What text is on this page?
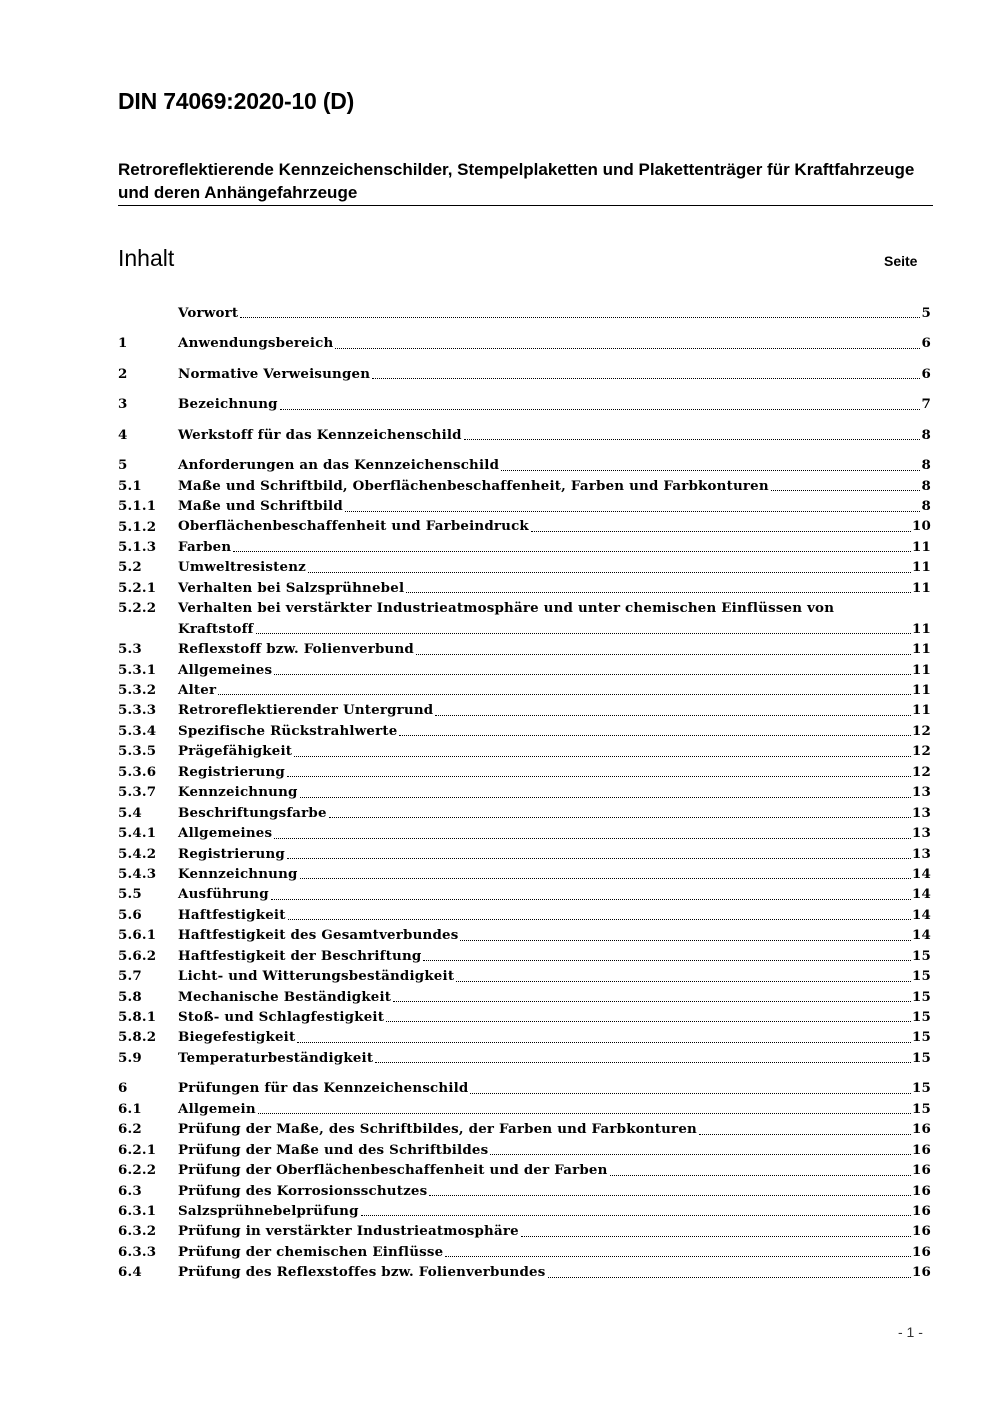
DIN 74069:2020-10 (D)
Retroreflektierende Kennzeichenschilder, Stempelplaketten und Plakettenträger für Kraftfahrzeuge und deren Anhängefahrzeuge
Inhalt	Seite
Vorwort	5
1	Anwendungsbereich	6
2	Normative Verweisungen	6
3	Bezeichnung	7
4	Werkstoff für das Kennzeichenschild	8
5	Anforderungen an das Kennzeichenschild	8
5.1	Maße und Schriftbild, Oberflächenbeschaffenheit, Farben und Farbkonturen	8
5.1.1	Maße und Schriftbild	8
5.1.2	Oberflächenbeschaffenheit und Farbeindruck	10
5.1.3	Farben	11
5.2	Umweltresistenz	11
5.2.1	Verhalten bei Salzsprühnebel	11
5.2.2	Verhalten bei verstärkter Industrieatmosphäre und unter chemischen Einflüssen von
Kraftstoff	11
5.3	Reflexstoff bzw. Folienverbund	11
5.3.1	Allgemeines	11
5.3.2	Alter	11
5.3.3	Retroreflektierender Untergrund	11
5.3.4	Spezifische Rückstrahlwerte	12
5.3.5	Prägefähigkeit	12
5.3.6	Registrierung	12
5.3.7	Kennzeichnung	13
5.4	Beschriftungsfarbe	13
5.4.1	Allgemeines	13
5.4.2	Registrierung	13
5.4.3	Kennzeichnung	14
5.5	Ausführung	14
5.6	Haftfestigkeit	14
5.6.1	Haftfestigkeit des Gesamtverbundes	14
5.6.2	Haftfestigkeit der Beschriftung	15
5.7	Licht- und Witterungsbeständigkeit	15
5.8	Mechanische Beständigkeit	15
5.8.1	Stoß- und Schlagfestigkeit	15
5.8.2	Biegefestigkeit	15
5.9	Temperaturbeständigkeit	15
6	Prüfungen für das Kennzeichenschild	15
6.1	Allgemein	15
6.2	Prüfung der Maße, des Schriftbildes, der Farben und Farbkonturen	16
6.2.1	Prüfung der Maße und des Schriftbildes	16
6.2.2	Prüfung der Oberflächenbeschaffenheit und der Farben	16
6.3	Prüfung des Korrosionsschutzes	16
6.3.1	Salzsprühnebelprüfung	16
6.3.2	Prüfung in verstärkter Industrieatmosphäre	16
6.3.3	Prüfung der chemischen Einflüsse	16
6.4	Prüfung des Reflexstoffes bzw. Folienverbundes	16
- 1 -
